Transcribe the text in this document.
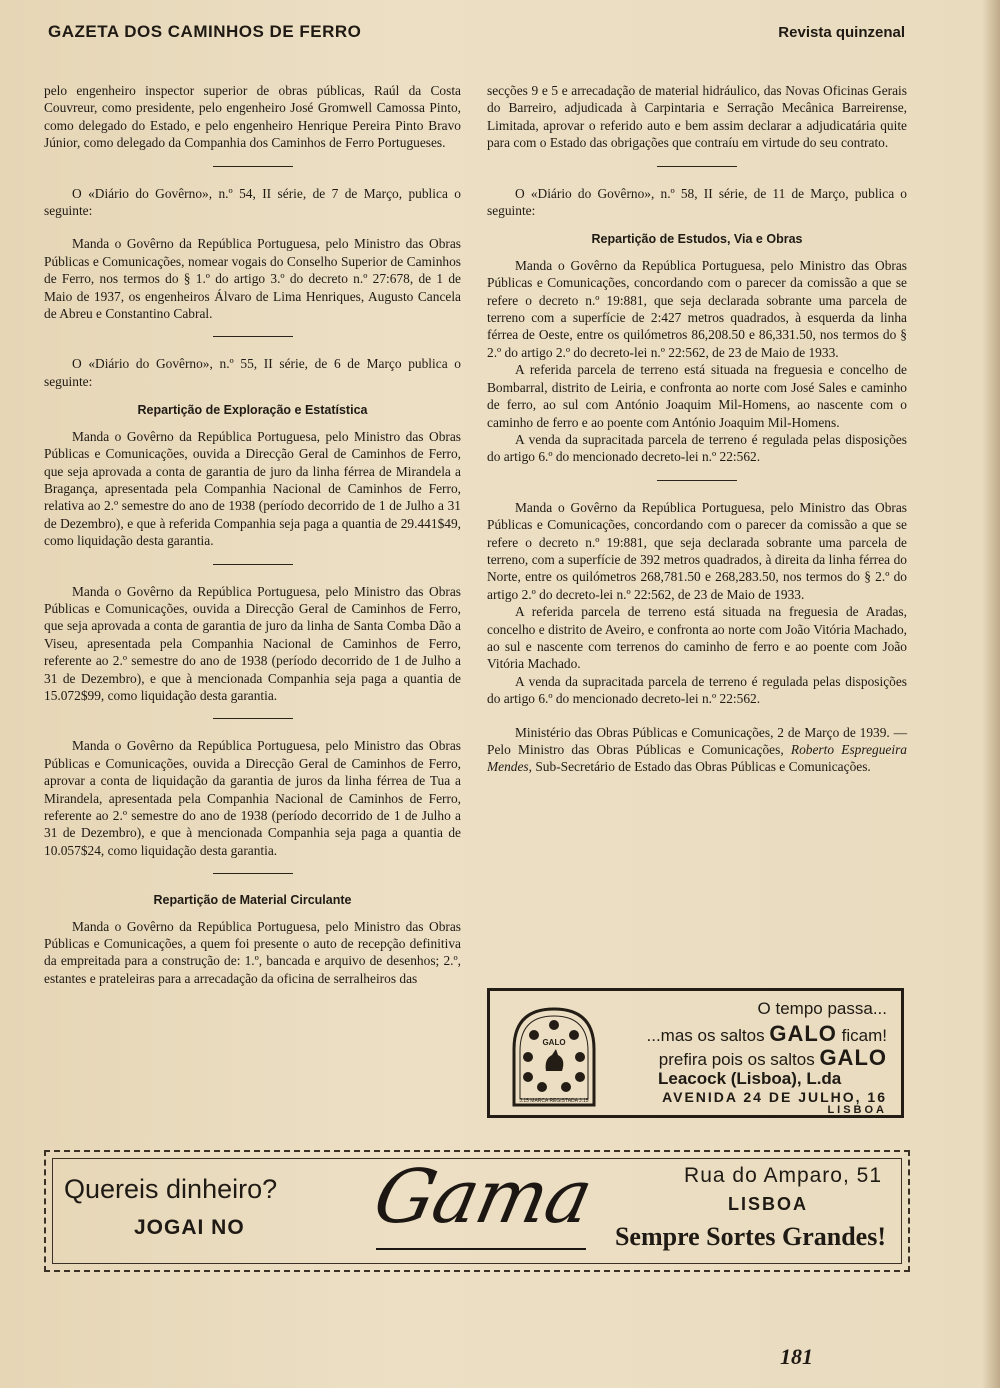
GAZETA DOS CAMINHOS DE FERRO	Revista quinzenal

pelo engenheiro inspector superior de obras públicas, Raúl da Costa Couvreur, como presidente, pelo engenheiro José Gromwell Camossa Pinto, como delegado do Estado, e pelo engenheiro Henrique Pereira Pinto Bravo Júnior, como delegado da Companhia dos Caminhos de Ferro Portugueses.

O «Diário do Govêrno», n.º 54, II série, de 7 de Março, publica o seguinte:

Manda o Govêrno da República Portuguesa, pelo Ministro das Obras Públicas e Comunicações, nomear vogais do Conselho Superior de Caminhos de Ferro, nos termos do § 1.º do artigo 3.º do decreto n.º 27:678, de 1 de Maio de 1937, os engenheiros Álvaro de Lima Henriques, Augusto Cancela de Abreu e Constantino Cabral.

O «Diário do Govêrno», n.º 55, II série, de 6 de Março publica o seguinte:

Repartição de Exploração e Estatística

Manda o Govêrno da República Portuguesa, pelo Ministro das Obras Públicas e Comunicações, ouvida a Direcção Geral de Caminhos de Ferro, que seja aprovada a conta de garantia de juro da linha férrea de Mirandela a Bragança, apresentada pela Companhia Nacional de Caminhos de Ferro, relativa ao 2.º semestre do ano de 1938 (período decorrido de 1 de Julho a 31 de Dezembro), e que à referida Companhia seja paga a quantia de 29.441$49, como liquidação desta garantia.

Manda o Govêrno da República Portuguesa, pelo Ministro das Obras Públicas e Comunicações, ouvida a Direcção Geral de Caminhos de Ferro, que seja aprovada a conta de garantia de juro da linha de Santa Comba Dão a Viseu, apresentada pela Companhia Nacional de Caminhos de Ferro, referente ao 2.º semestre do ano de 1938 (período decorrido de 1 de Julho a 31 de Dezembro), e que à mencionada Companhia seja paga a quantia de 15.072$99, como liquidação desta garantia.

Manda o Govêrno da República Portuguesa, pelo Ministro das Obras Públicas e Comunicações, ouvida a Direcção Geral de Caminhos de Ferro, aprovar a conta de liquidação da garantia de juros da linha férrea de Tua a Mirandela, apresentada pela Companhia Nacional de Caminhos de Ferro, referente ao 2.º semestre do ano de 1938 (período decorrido de 1 de Julho a 31 de Dezembro), e que à mencionada Companhia seja paga a quantia de 10.057$24, como liquidação desta garantia.

Repartição de Material Circulante

Manda o Govêrno da República Portuguesa, pelo Ministro das Obras Públicas e Comunicações, a quem foi presente o auto de recepção definitiva da empreitada para a construção de: 1.º, bancada e arquivo de desenhos; 2.º, estantes e prateleiras para a arrecadação da oficina de serralheiros das

secções 9 e 5 e arrecadação de material hidráulico, das Novas Oficinas Gerais do Barreiro, adjudicada à Carpintaria e Serração Mecânica Barreirense, Limitada, aprovar o referido auto e bem assim declarar a adjudicatária quite para com o Estado das obrigações que contraíu em virtude do seu contrato.

O «Diário do Govêrno», n.º 58, II série, de 11 de Março, publica o seguinte:

Repartição de Estudos, Via e Obras

Manda o Govêrno da República Portuguesa, pelo Ministro das Obras Públicas e Comunicações, concordando com o parecer da comissão a que se refere o decreto n.º 19:881, que seja declarada sobrante uma parcela de terreno com a superfície de 2:427 metros quadrados, à esquerda da linha férrea de Oeste, entre os quilómetros 86,208.50 e 86,331.50, nos termos do § 2.º do artigo 2.º do decreto-lei n.º 22:562, de 23 de Maio de 1933.

A referida parcela de terreno está situada na freguesia e concelho de Bombarral, distrito de Leiria, e confronta ao norte com José Sales e caminho de ferro, ao sul com António Joaquim Mil-Homens, ao nascente com o caminho de ferro e ao poente com António Joaquim Mil-Homens.

A venda da supracitada parcela de terreno é regulada pelas disposições do artigo 6.º do mencionado decreto-lei n.º 22:562.

Manda o Govêrno da República Portuguesa, pelo Ministro das Obras Públicas e Comunicações, concordando com o parecer da comissão a que se refere o decreto n.º 19:881, que seja declarada sobrante uma parcela de terreno, com a superfície de 392 metros quadrados, à direita da linha férrea do Norte, entre os quilómetros 268,781.50 e 268,283.50, nos termos do § 2.º do artigo 2.º do decreto-lei n.º 22:562, de 23 de Maio de 1933.

A referida parcela de terreno está situada na freguesia de Aradas, concelho e distrito de Aveiro, e confronta ao norte com João Vitória Machado, ao sul e nascente com terrenos do caminho de ferro e ao poente com João Vitória Machado.

A venda da supracitada parcela de terreno é regulada pelas disposições do artigo 6.º do mencionado decreto-lei n.º 22:562.

Ministério das Obras Públicas e Comunicações, 2 de Março de 1939. — Pelo Ministro das Obras Públicas e Comunicações, Roberto Espregueira Mendes, Sub-Secretário de Estado das Obras Públicas e Comunicações.

GALO
J.15 MARCA REGISTADA J.15
O tempo passa...
...mas os saltos GALO ficam!
prefira pois os saltos GALO
Leacock (Lisboa), L.da
AVENIDA 24 DE JULHO, 16
LISBOA
Quereis dinheiro?
JOGAI NO Gama	Rua do Amparo, 51
LISBOA
Sempre Sortes Grandes!
181
